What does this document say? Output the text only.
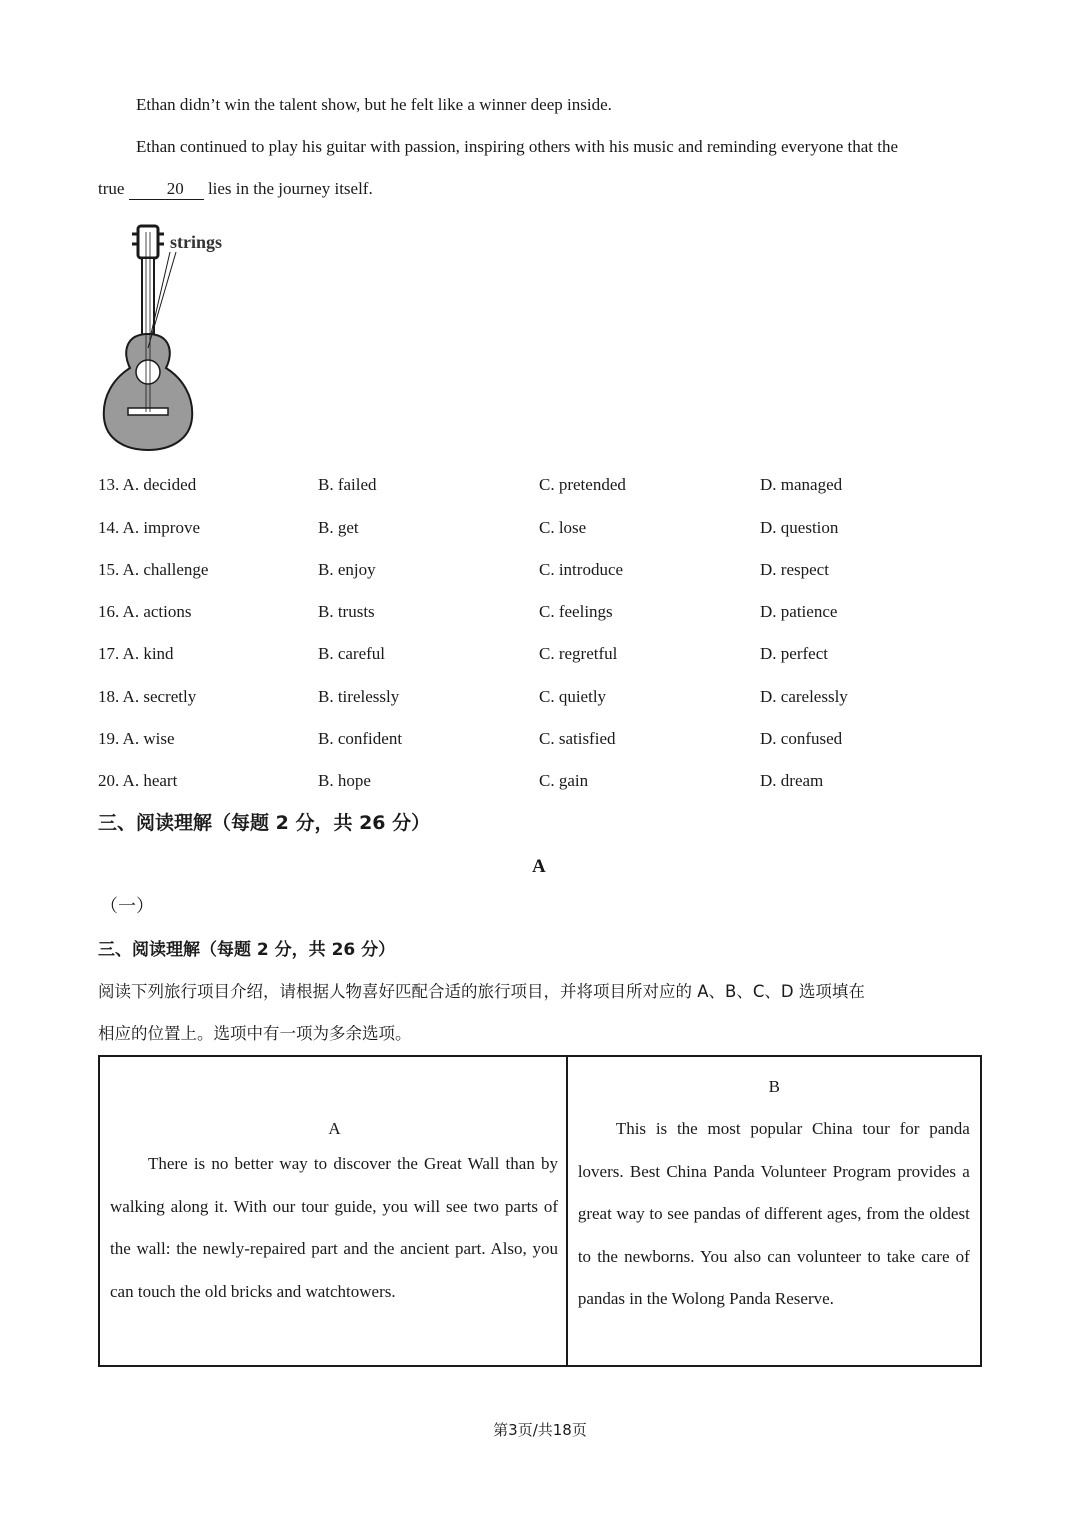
Ethan didn’t win the talent show, but he felt like a winner deep inside.
Ethan continued to play his guitar with passion, inspiring others with his music and reminding everyone that the
true 20 lies in the journey itself.
strings
13. A. decided	B. failed	C. pretended	D. managed
14. A. improve	B. get	C. lose	D. question
15. A. challenge	B. enjoy	C. introduce	D. respect
16. A. actions	B. trusts	C. feelings	D. patience
17. A. kind	B. careful	C. regretful	D. perfect
18. A. secretly	B. tirelessly	C. quietly	D. carelessly
19. A. wise	B. confident	C. satisfied	D. confused
20. A. heart	B. hope	C. gain	D. dream
三、阅读理解（每题 2 分，共 26 分）
A
（一）
三、阅读理解（每题 2 分，共 26 分）
阅读下列旅行项目介绍，请根据人物喜好匹配合适的旅行项目，并将项目所对应的 A、B、C、D 选项填在
相应的位置上。选项中有一项为多余选项。
A
There is no better way to discover the Great Wall than by walking along it. With our tour guide, you will see two parts of the wall: the newly-repaired part and the ancient part. Also, you can touch the old bricks and watchtowers.

B
This is the most popular China tour for panda lovers. Best China Panda Volunteer Program provides a great way to see pandas of different ages, from the oldest to the newborns. You also can volunteer to take care of pandas in the Wolong Panda Reserve.
第3页/共18页
